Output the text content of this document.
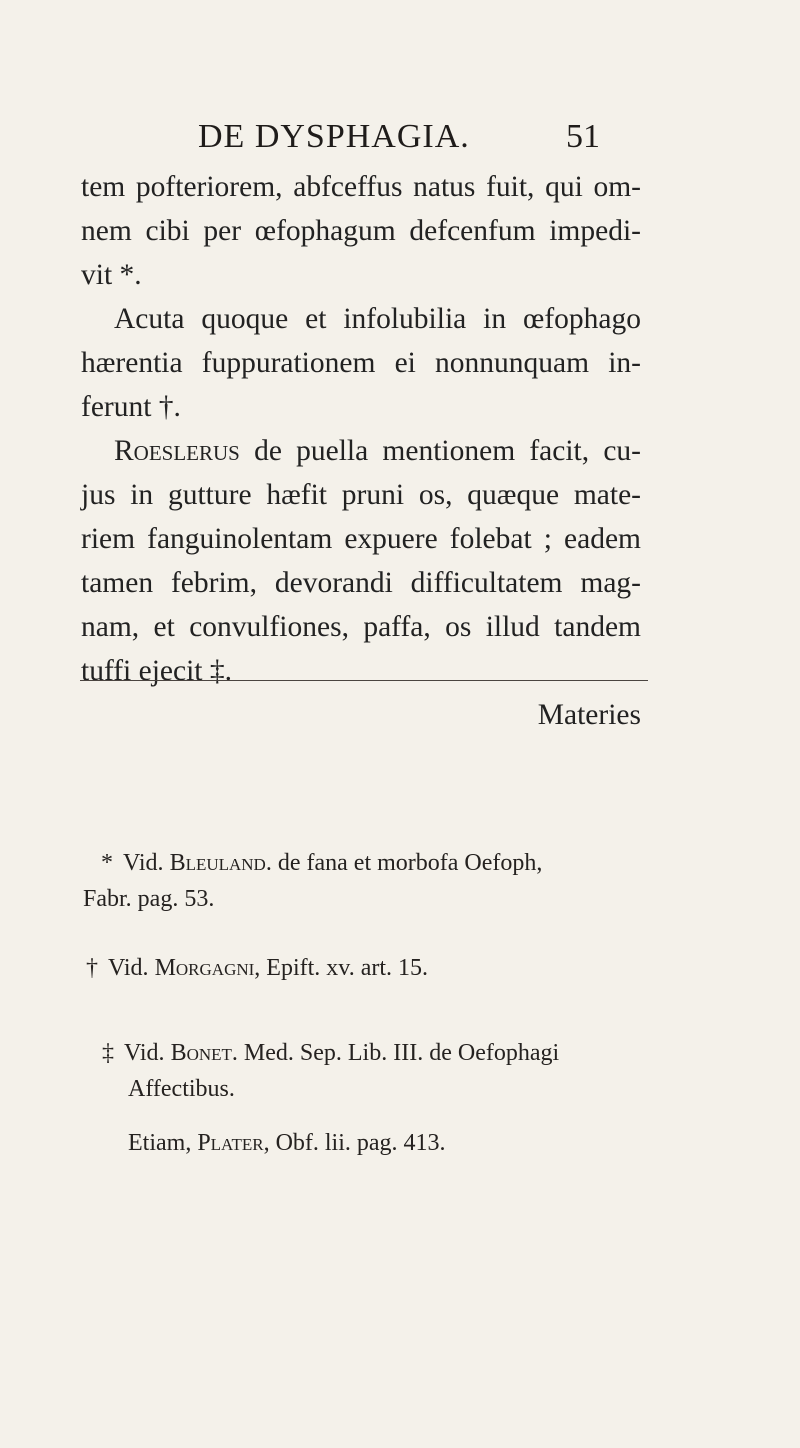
DE DYSPHAGIA.	51
tem pofteriorem, abfceffus natus fuit, qui om-
nem cibi per œfophagum defcenfum impedi-
vit *.
Acuta quoque et infolubilia in œfophago
hærentia fuppurationem ei nonnunquam in-
ferunt †.
Roeslerus de puella mentionem facit, cu-
jus in gutture hæfit pruni os, quæque mate-
riem fanguinolentam expuere folebat ; eadem
tamen febrim, devorandi difficultatem mag-
nam, et convulfiones, paffa, os illud tandem
tuffi ejecit ‡.
Materies
* Vid. Bleuland. de fana et morbofa Oefoph,
Fabr. pag. 53.
† Vid. Morgagni, Epift. xv. art. 15.
‡ Vid. Bonet. Med. Sep. Lib. III. de Oefophagi
Affectibus.
Etiam, Plater, Obf. lii. pag. 413.
